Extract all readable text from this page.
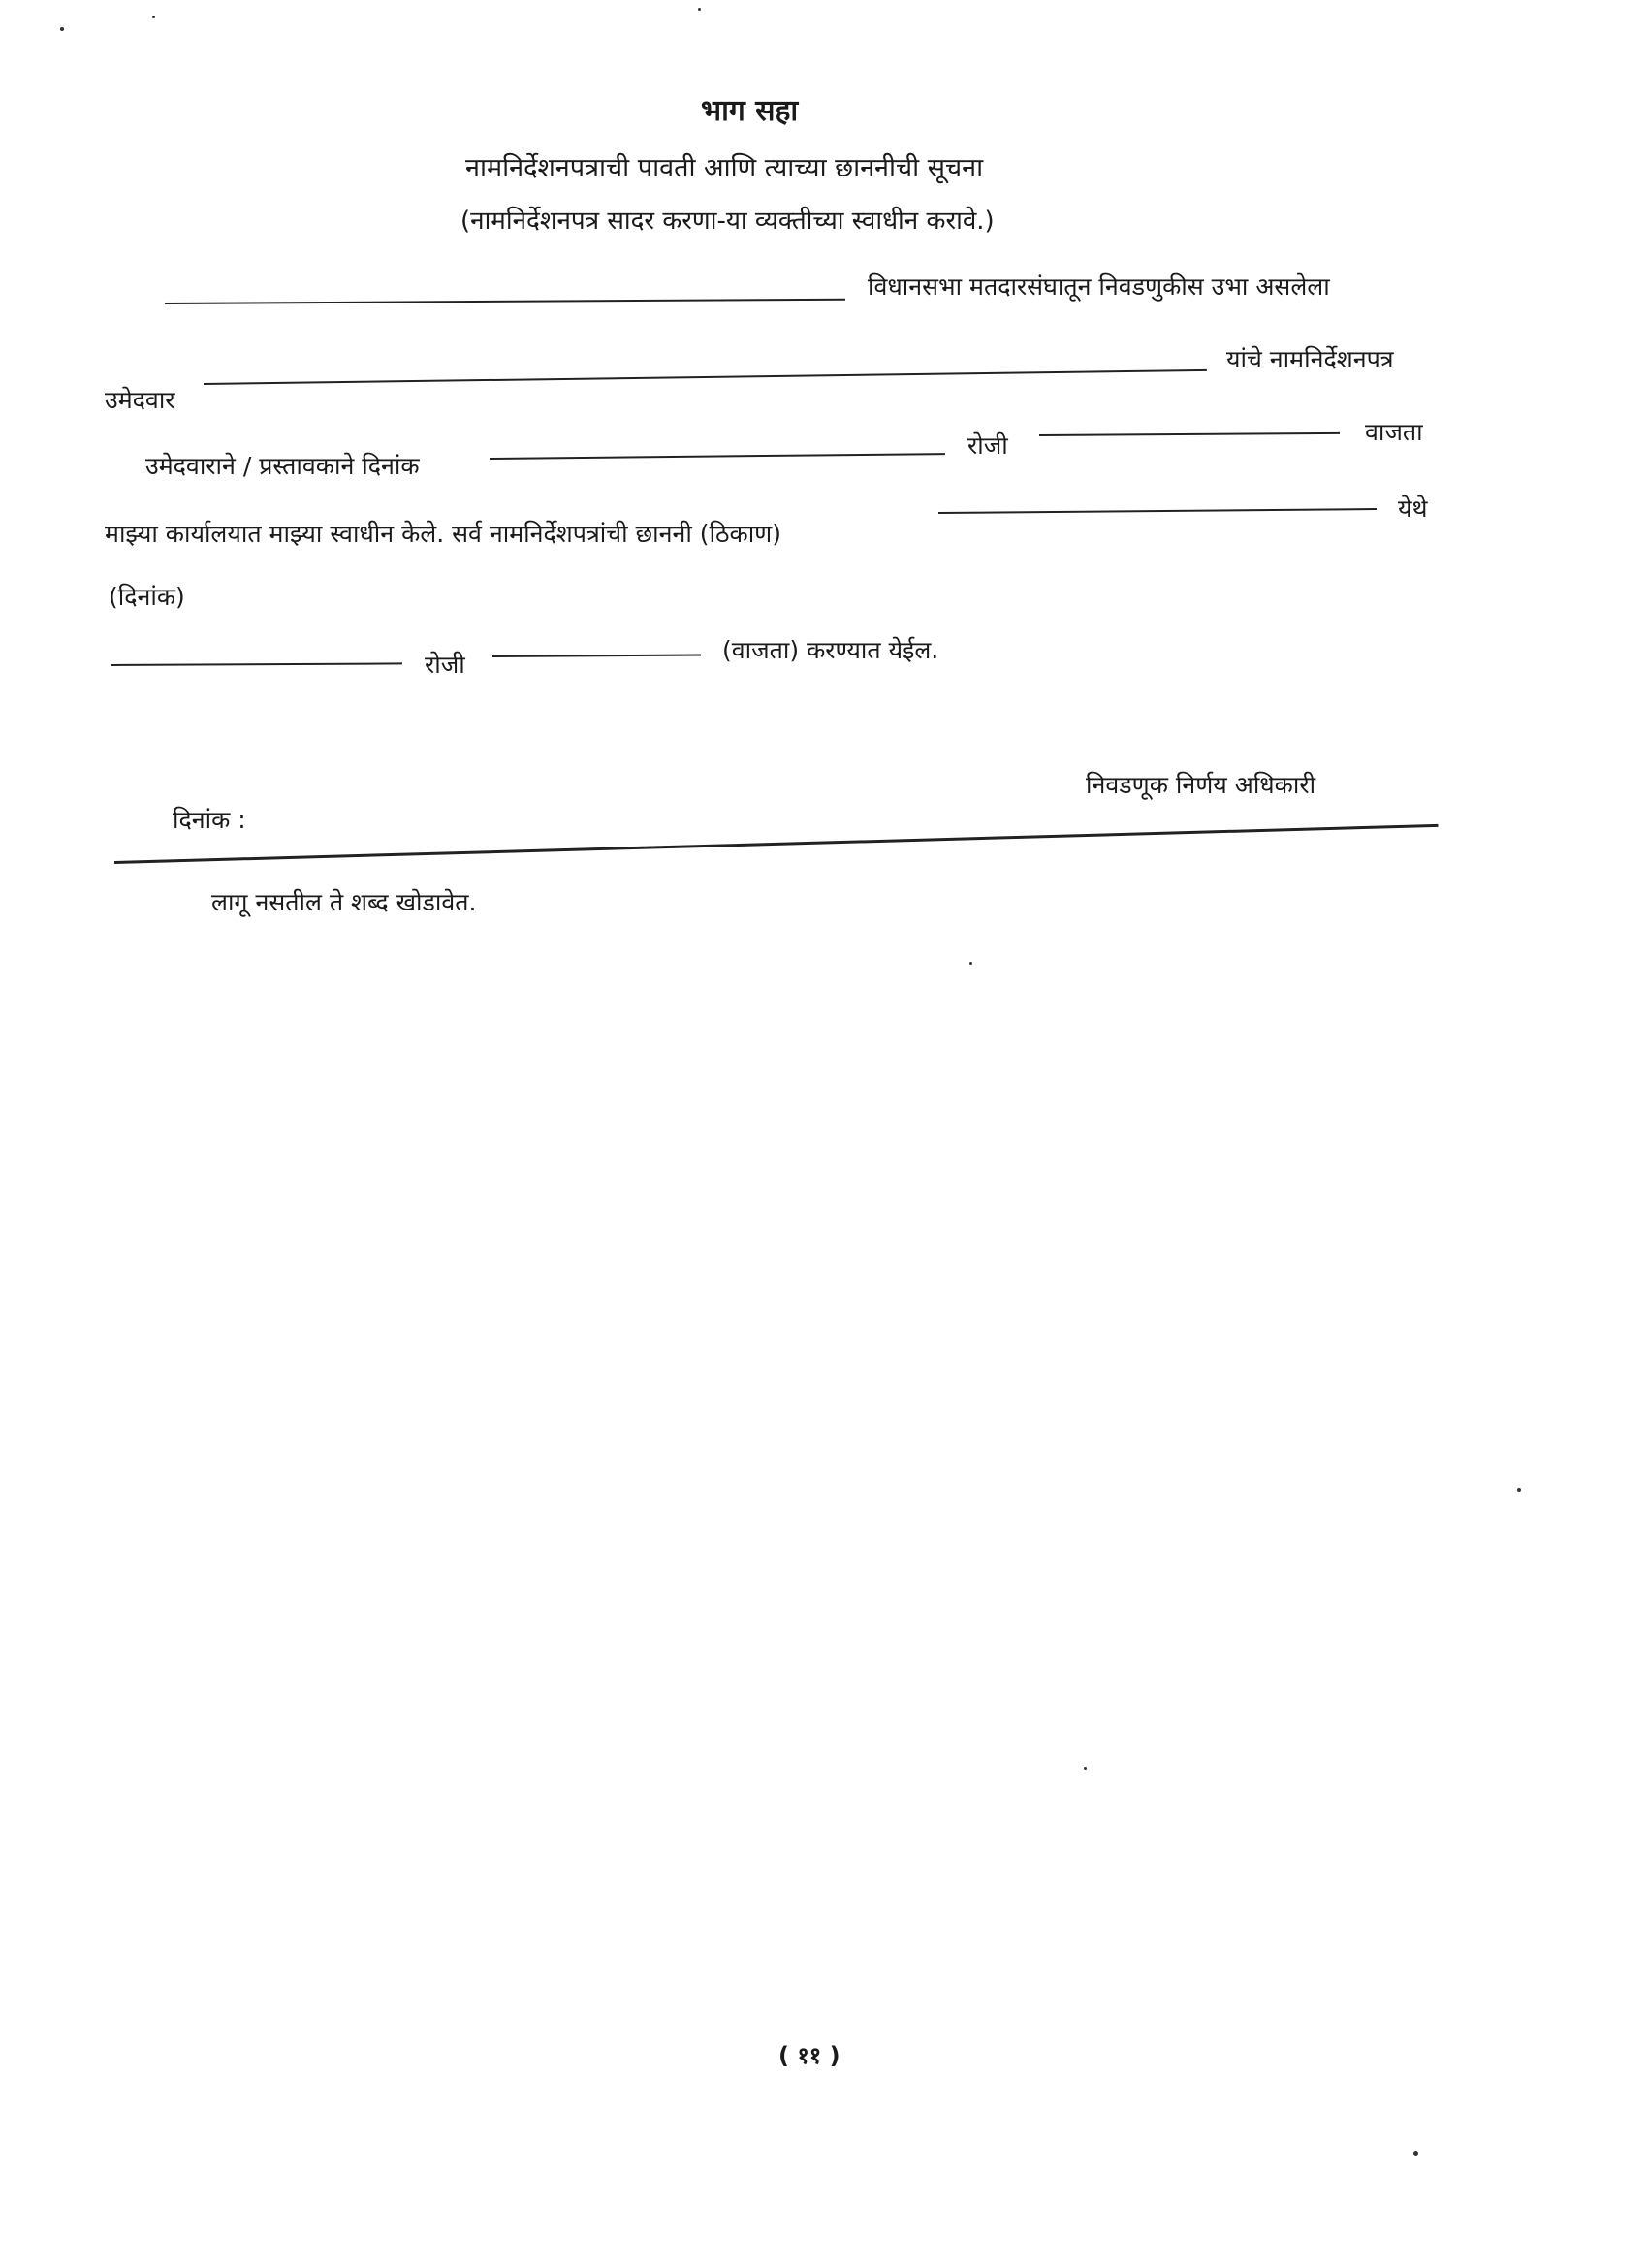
भाग सहा
नामनिर्देशनपत्राची पावती आणि त्याच्या छाननीची सूचना
(नामनिर्देशनपत्र सादर करणा-या व्यक्तीच्या स्वाधीन करावे.)
विधानसभा मतदारसंघातून निवडणुकीस उभा असलेला
यांचे नामनिर्देशनपत्र
उमेदवार
रोजी	वाजता
उमेदवाराने / प्रस्तावकाने दिनांक
येथे
माझ्या कार्यालयात माझ्या स्वाधीन केले. सर्व नामनिर्देशपत्रांची छाननी (ठिकाण)
(दिनांक)
रोजी
(वाजता) करण्यात येईल.
निवडणूक निर्णय अधिकारी
दिनांक :
लागू नसतील ते शब्द खोडावेत.
( ११ )
